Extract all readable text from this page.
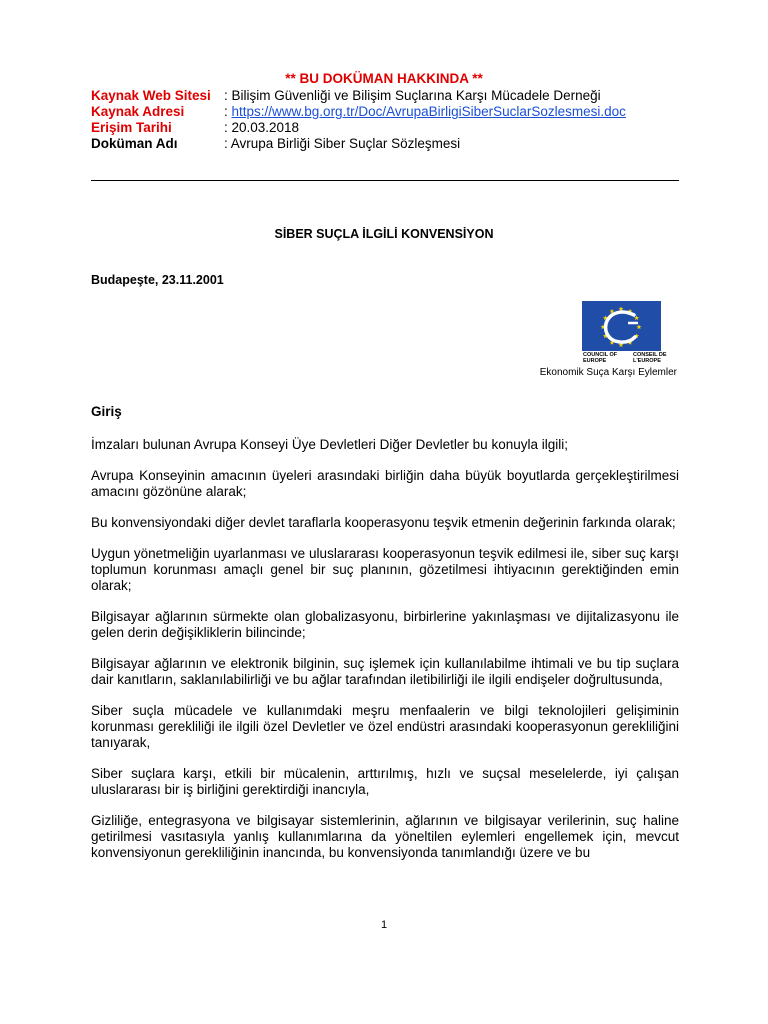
** BU DOKÜMAN HAKKINDA **
Kaynak Web Sitesi : Bilişim Güvenliği ve Bilişim Suçlarına Karşı Mücadele Derneği
Kaynak Adresi	: https://www.bg.org.tr/Doc/AvrupaBirligiSiberSuclarSozlesmesi.doc
Erişim Tarihi	: 20.03.2018
Doküman Adı	: Avrupa Birliği Siber Suçlar Sözleşmesi
SİBER SUÇLA İLGİLİ KONVENSİYON
Budapeşte, 23.11.2001
COUNCIL OF EUROPE
CONSEIL DE L'EUROPE
Ekonomik Suça Karşı Eylemler
Giriş

İmzaları bulunan Avrupa Konseyi Üye Devletleri Diğer Devletler bu konuyla ilgili;

Avrupa Konseyinin amacının üyeleri arasındaki birliğin daha büyük boyutlarda gerçekleştirilmesi amacını gözönüne alarak;

Bu konvensiyondaki diğer devlet taraflarla kooperasyonu teşvik etmenin değerinin farkında olarak;

Uygun yönetmeliğin uyarlanması ve uluslararası kooperasyonun teşvik edilmesi ile, siber suç karşı toplumun korunması amaçlı genel bir suç planının, gözetilmesi ihtiyacının gerektiğinden emin olarak;

Bilgisayar ağlarının sürmekte olan globalizasyonu, birbirlerine yakınlaşması ve dijitalizasyonu ile gelen derin değişikliklerin bilincinde;

Bilgisayar ağlarının ve elektronik bilginin, suç işlemek için kullanılabilme ihtimali ve bu tip suçlara dair kanıtların, saklanılabilirliği ve bu ağlar tarafından iletibilirliği ile ilgili endişeler doğrultusunda,

Siber suçla mücadele ve kullanımdaki meşru menfaalerin ve bilgi teknolojileri gelişiminin korunması gerekliliği ile ilgili özel Devletler ve özel endüstri arasındaki kooperasyonun gerekliliğini tanıyarak,

Siber suçlara karşı, etkili bir mücalenin, arttırılmış, hızlı ve suçsal meselelerde, iyi çalışan uluslararası bir iş birliğini gerektirdiği inancıyla,

Gizliliğe, entegrasyona ve bilgisayar sistemlerinin, ağlarının ve bilgisayar verilerinin, suç haline getirilmesi vasıtasıyla yanlış kullanımlarına da yöneltilen eylemleri engellemek için, mevcut konvensiyonun gerekliliğinin inancında, bu konvensiyonda tanımlandığı üzere ve bu

1
